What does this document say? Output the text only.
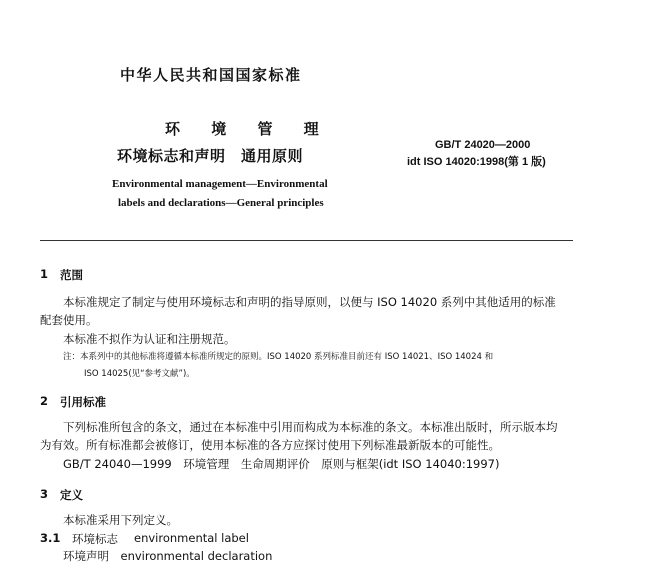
中华人民共和国国家标准
环 境 管 理
环境标志和声明　通用原则
GB/T 24020—2000
idt ISO 14020:1998(第 1 版)
Environmental management—Environmental
labels and declarations—General principles
1 范围
本标准规定了制定与使用环境标志和声明的指导原则，以便与 ISO 14020 系列中其他适用的标准
配套使用。
本标准不拟作为认证和注册规范。
注：本系列中的其他标准将遵循本标准所规定的原则。ISO 14020 系列标准目前还有 ISO 14021、ISO 14024 和
ISO 14025(见“参考文献”)。
2 引用标准
下列标准所包含的条文，通过在本标准中引用而构成为本标准的条文。本标准出版时，所示版本均
为有效。所有标准都会被修订，使用本标准的各方应探讨使用下列标准最新版本的可能性。
GB/T 24040—1999　环境管理　生命周期评价　原则与框架(idt ISO 14040:1997)
3 定义
本标准采用下列定义。
3.1 环境标志 environmental label
环境声明　environmental declaration
